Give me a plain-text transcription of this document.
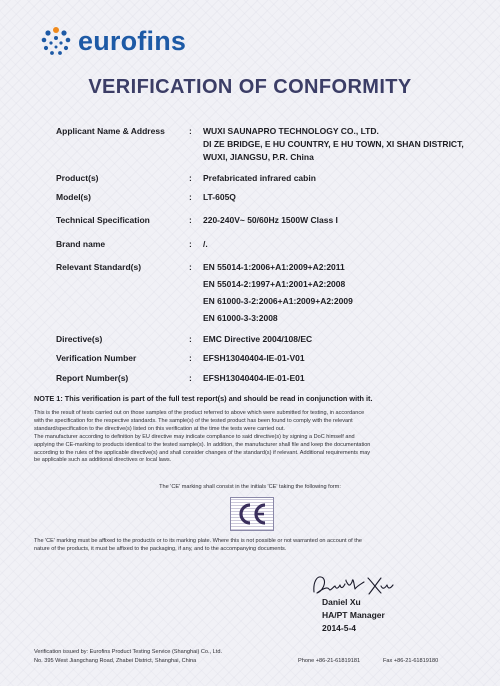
eurofins
VERIFICATION OF CONFORMITY
Applicant Name & Address	: WUXI SAUNAPRO TECHNOLOGY CO., LTD.
DI ZE BRIDGE, E HU COUNTRY, E HU TOWN, XI SHAN DISTRICT,
WUXI, JIANGSU, P.R. China
Product(s)	: Prefabricated infrared cabin
Model(s)	: LT-605Q
Technical Specification	: 220-240V~ 50/60Hz 1500W Class I
Brand name	: /.
Relevant Standard(s)	: EN 55014-1:2006+A1:2009+A2:2011
EN 55014-2:1997+A1:2001+A2:2008
EN 61000-3-2:2006+A1:2009+A2:2009
EN 61000-3-3:2008
Directive(s)	: EMC Directive 2004/108/EC
Verification Number	: EFSH13040404-IE-01-V01
Report Number(s)	: EFSH13040404-IE-01-E01
NOTE 1: This verification is part of the full test report(s) and should be read in conjunction with it.
This is the result of tests carried out on those samples of the product referred to above which were submitted for testing, in accordance
with the specification for the respective standards. The sample(s) of the tested product has been found to comply with the relevant
standard/specification to the directive(s) listed on this verification at the time the tests were carried out.
The manufacturer according to definition by EU directive may indicate compliance to said directive(s) by signing a DoC himself and
applying the CE-marking to products identical to the tested sample(s). In addition, the manufacturer shall file and keep the documentation
according to the rules of the applicable directive(s) and shall consider changes of the standard(s) if relevant. Additional requirements may
be applicable such as additional directives or local laws.
The 'CE' marking shall consist in the initials 'CE' taking the following form:
The 'CE' marking must be affixed to the product/s or to its marking plate. Where this is not possible or not warranted on account of the
nature of the products, it must be affixed to the packaging, if any, and to the accompanying documents.
Daniel Xu
HA/PT Manager
2014-5-4
Verification issued by: Eurofins Product Testing Service (Shanghai) Co., Ltd.
No. 395 West Jiangchang Road, Zhabei District, Shanghai, China	Phone +86-21-61819181	Fax +86-21-61819180
